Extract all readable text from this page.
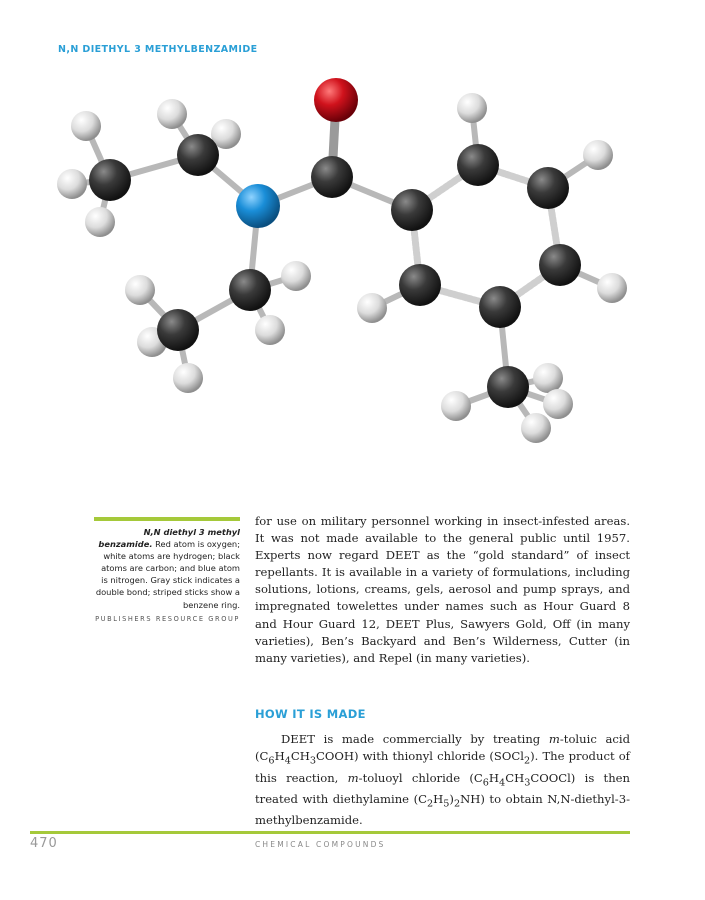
N,N DIETHYL 3 METHYLBENZAMIDE
N,N diethyl 3 methyl benzamide. Red atom is oxygen; white atoms are hydrogen; black atoms are carbon; and blue atom is nitrogen. Gray stick indicates a double bond; striped sticks show a benzene ring.
PUBLISHERS RESOURCE GROUP

for use on military personnel working in insect-infested areas. It was not made available to the general public until 1957. Experts now regard DEET as the “gold standard” of insect repellants. It is available in a variety of formulations, including solutions, lotions, creams, gels, aerosol and pump sprays, and impregnated towelettes under names such as Hour Guard 8 and Hour Guard 12, DEET Plus, Sawyers Gold, Off (in many varieties), Ben’s Backyard and Ben’s Wilderness, Cutter (in many varieties), and Repel (in many varieties).

HOW IT IS MADE

DEET is made commercially by treating m-toluic acid $(C_6H_4CH_3COOH)$ with thionyl chloride (SOCl$_2$). The product of this reaction, m-toluoyl chloride $(C_6H_4CH_3COOCl)$ is then treated with diethylamine $(C_2H_5)_2NH$) to obtain N,N-diethyl-3-methylbenzamide.

470	CHEMICAL COMPOUNDS
